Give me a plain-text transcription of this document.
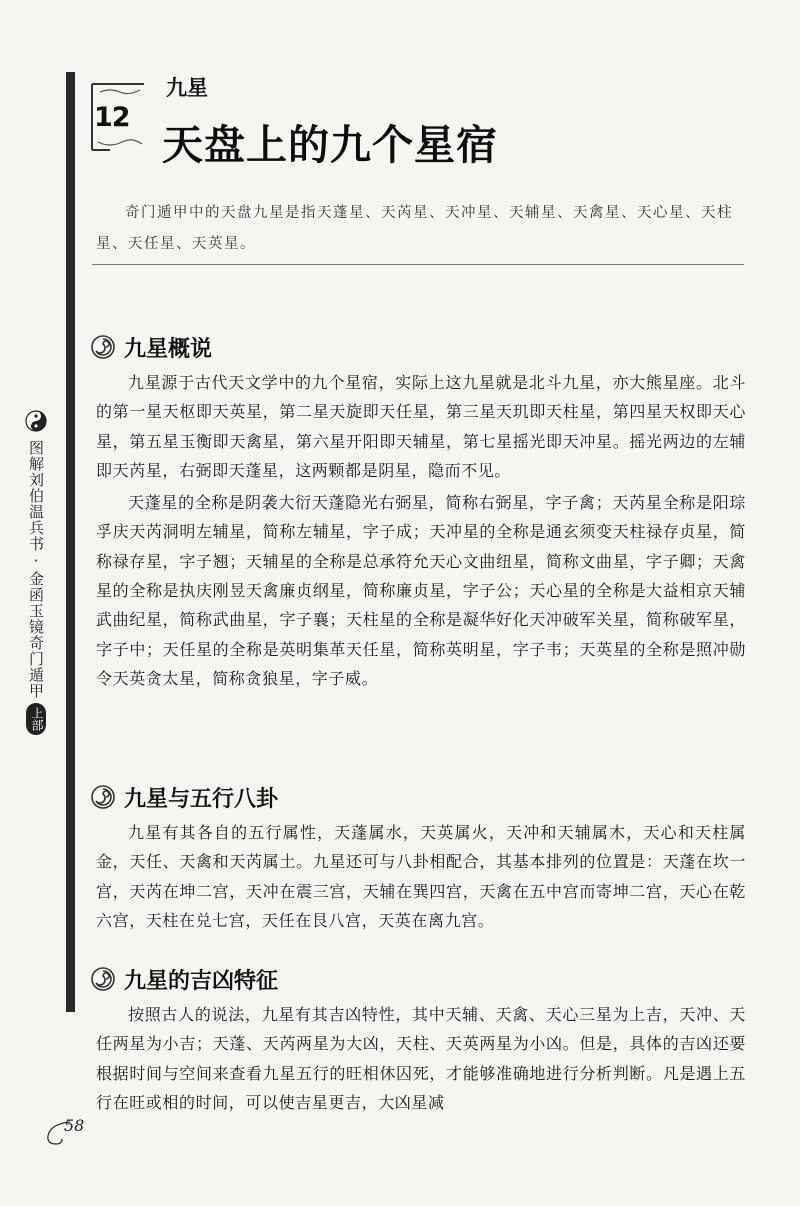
12
九星
天盘上的九个星宿
奇门遁甲中的天盘九星是指天蓬星、天芮星、天冲星、天辅星、天禽星、天心星、天柱星、天任星、天英星。
九星概说

九星源于古代天文学中的九个星宿，实际上这九星就是北斗九星，亦大熊星座。北斗的第一星天枢即天英星，第二星天旋即天任星，第三星天玑即天柱星，第四星天权即天心星，第五星玉衡即天禽星，第六星开阳即天辅星，第七星摇光即天冲星。摇光两边的左辅即天芮星，右弼即天蓬星，这两颗都是阴星，隐而不见。

天蓬星的全称是阴袭大衍天蓬隐光右弼星，简称右弼星，字子禽；天芮星全称是阳琮孚庆天芮洞明左辅星，简称左辅星，字子成；天冲星的全称是通玄须变天柱禄存贞星，简称禄存星，字子翘；天辅星的全称是总承符允天心文曲纽星，简称文曲星，字子卿；天禽星的全称是执庆刚昱天禽廉贞纲星，简称廉贞星，字子公；天心星的全称是大益相京天辅武曲纪星，简称武曲星，字子襄；天柱星的全称是凝华好化天冲破军关星，简称破军星，字子中；天任星的全称是英明集革天任星，简称英明星，字子韦；天英星的全称是照冲勋令天英贪太星，简称贪狼星，字子威。

九星与五行八卦

九星有其各自的五行属性，天蓬属水，天英属火，天冲和天辅属木，天心和天柱属金，天任、天禽和天芮属土。九星还可与八卦相配合，其基本排列的位置是：天蓬在坎一宫，天芮在坤二宫，天冲在震三宫，天辅在巽四宫，天禽在五中宫而寄坤二宫，天心在乾六宫，天柱在兑七宫，天任在艮八宫，天英在离九宫。

九星的吉凶特征

按照古人的说法，九星有其吉凶特性，其中天辅、天禽、天心三星为上吉，天冲、天任两星为小吉；天蓬、天芮两星为大凶，天柱、天英两星为小凶。但是，具体的吉凶还要根据时间与空间来查看九星五行的旺相休囚死，才能够准确地进行分析判断。凡是遇上五行在旺或相的时间，可以使吉星更吉，大凶星减

图解刘伯温兵书·金函玉镜奇门遁甲
上部
58
